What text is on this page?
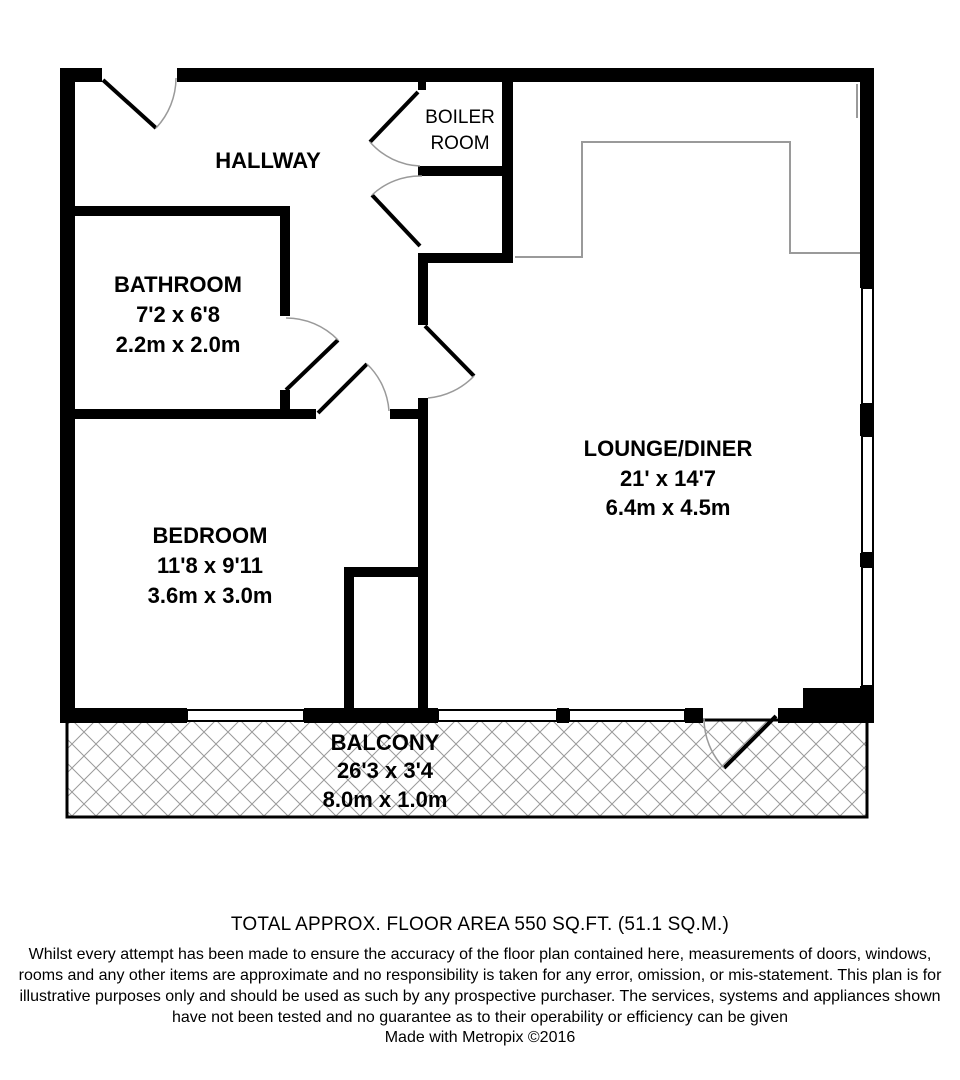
HALLWAY
BOILER
ROOM
BATHROOM
7'2 x 6'8
2.2m x 2.0m
BEDROOM
11'8 x 9'11
3.6m x 3.0m
LOUNGE/DINER
21' x 14'7
6.4m x 4.5m
BALCONY
26'3 x 3'4
8.0m x 1.0m
TOTAL APPROX. FLOOR AREA 550 SQ.FT. (51.1 SQ.M.)
Whilst every attempt has been made to ensure the accuracy of the floor plan contained here, measurements of doors, windows, rooms and any other items are approximate and no responsibility is taken for any error, omission, or mis-statement. This plan is for illustrative purposes only and should be used as such by any prospective purchaser. The services, systems and appliances shown have not been tested and no guarantee as to their operability or efficiency can be given
Made with Metropix ©2016
